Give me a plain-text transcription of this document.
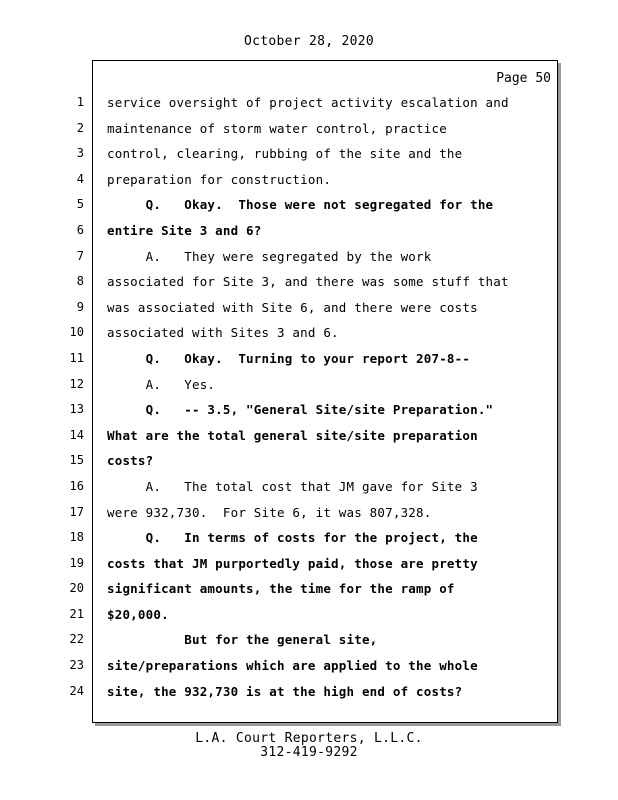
October 28, 2020
Page 50
1
2
3
4
5
6
7
8
9
10
11
12
13
14
15
16
17
18
19
20
21
22
23
24
service oversight of project activity escalation and
maintenance of storm water control, practice
control, clearing, rubbing of the site and the
preparation for construction.
Q.   Okay.  Those were not segregated for the
entire Site 3 and 6?
A.   They were segregated by the work
associated for Site 3, and there was some stuff that
was associated with Site 6, and there were costs
associated with Sites 3 and 6.
Q.   Okay.  Turning to your report 207-8--
A.   Yes.
Q.   -- 3.5, "General Site/site Preparation."
What are the total general site/site preparation
costs?
A.   The total cost that JM gave for Site 3
were 932,730.  For Site 6, it was 807,328.
Q.   In terms of costs for the project, the
costs that JM purportedly paid, those are pretty
significant amounts, the time for the ramp of
$20,000.
But for the general site,
site/preparations which are applied to the whole
site, the 932,730 is at the high end of costs?
L.A. Court Reporters, L.L.C.
312-419-9292
